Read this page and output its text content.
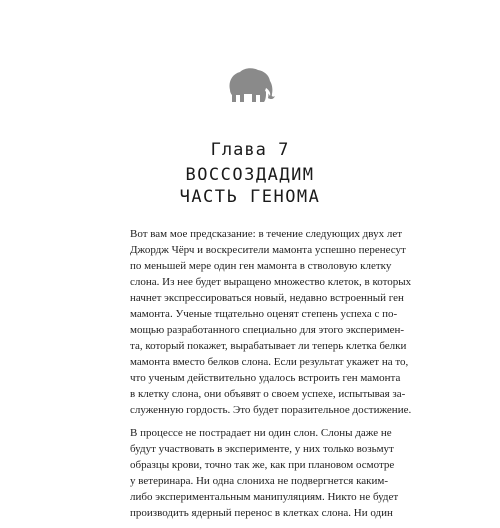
Глава 7
ВОССОЗДАДИМ
ЧАСТЬ ГЕНОМА
Вот вам мое предсказание: в течение следующих двух лет
Джордж Чёрч и воскресители мамонта успешно перенесут
по меньшей мере один ген мамонта в стволовую клетку
слона. Из нее будет выращено множество клеток, в которых
начнет экспрессироваться новый, недавно встроенный ген
мамонта. Ученые тщательно оценят степень успеха с по-
мощью разработанного специально для этого эксперимен-
та, который покажет, вырабатывает ли теперь клетка белки
мамонта вместо белков слона. Если результат укажет на то,
что ученым действительно удалось встроить ген мамонта
в клетку слона, они объявят о своем успехе, испытывая за-
служенную гордость. Это будет поразительное достижение.
В процессе не пострадает ни один слон. Слоны даже не
будут участвовать в эксперименте, у них только возьмут
образцы крови, точно так же, как при плановом осмотре
у ветеринара. Ни одна слониха не подвергнется каким-
либо экспериментальным манипуляциям. Никто не будет
производить ядерный перенос в клетках слона. Ни один
